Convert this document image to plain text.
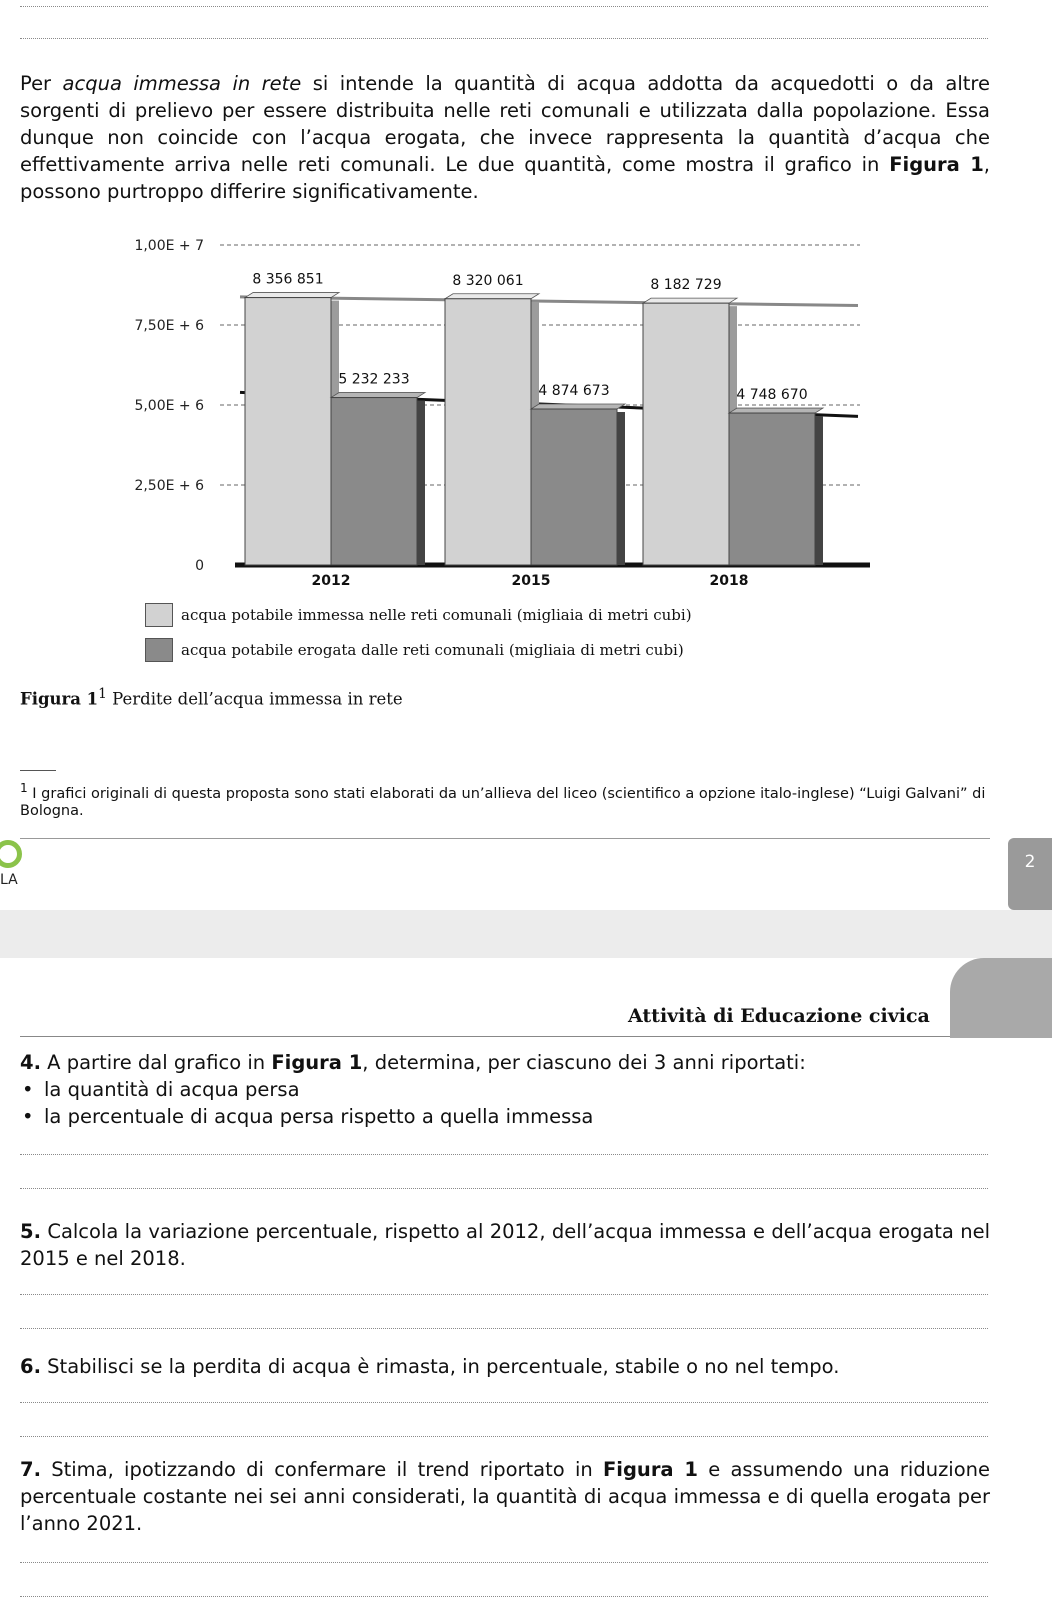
Per acqua immessa in rete si intende la quantità di acqua addotta da acquedotti o da altre sorgenti di prelievo per essere distribuita nelle reti comunali e utilizzata dalla popolazione. Essa dunque non coincide con l’acqua erogata, che invece rappresenta la quantità d’acqua che effettivamente arriva nelle reti comunali. Le due quantità, come mostra il grafico in Figura 1, possono purtroppo differire significativamente.

0
2,50E + 6
5,00E + 6
7,50E + 6
1,00E + 7
8 356 851
5 232 233
2012
8 320 061
4 874 673
2015
8 182 729
4 748 670
2018
acqua potabile immessa nelle reti comunali (migliaia di metri cubi)
acqua potabile erogata dalle reti comunali (migliaia di metri cubi)
Figura $1^1$ Perdite dell’acqua immessa in rete
$^1$ I grafici originali di questa proposta sono stati elaborati da un’allieva del liceo (scientifico a opzione italo-inglese) “Luigi Galvani” di Bologna.
LA
2
Attività di Educazione civica
4. A partire dal grafico in Figura 1, determina, per ciascuno dei 3 anni riportati:
• la quantità di acqua persa
• la percentuale di acqua persa rispetto a quella immessa
5. Calcola la variazione percentuale, rispetto al 2012, dell’acqua immessa e dell’acqua erogata nel 2015 e nel 2018.
6. Stabilisci se la perdita di acqua è rimasta, in percentuale, stabile o no nel tempo.
7. Stima, ipotizzando di confermare il trend riportato in Figura 1 e assumendo una riduzione percentuale costante nei sei anni considerati, la quantità di acqua immessa e di quella erogata per l’anno 2021.
